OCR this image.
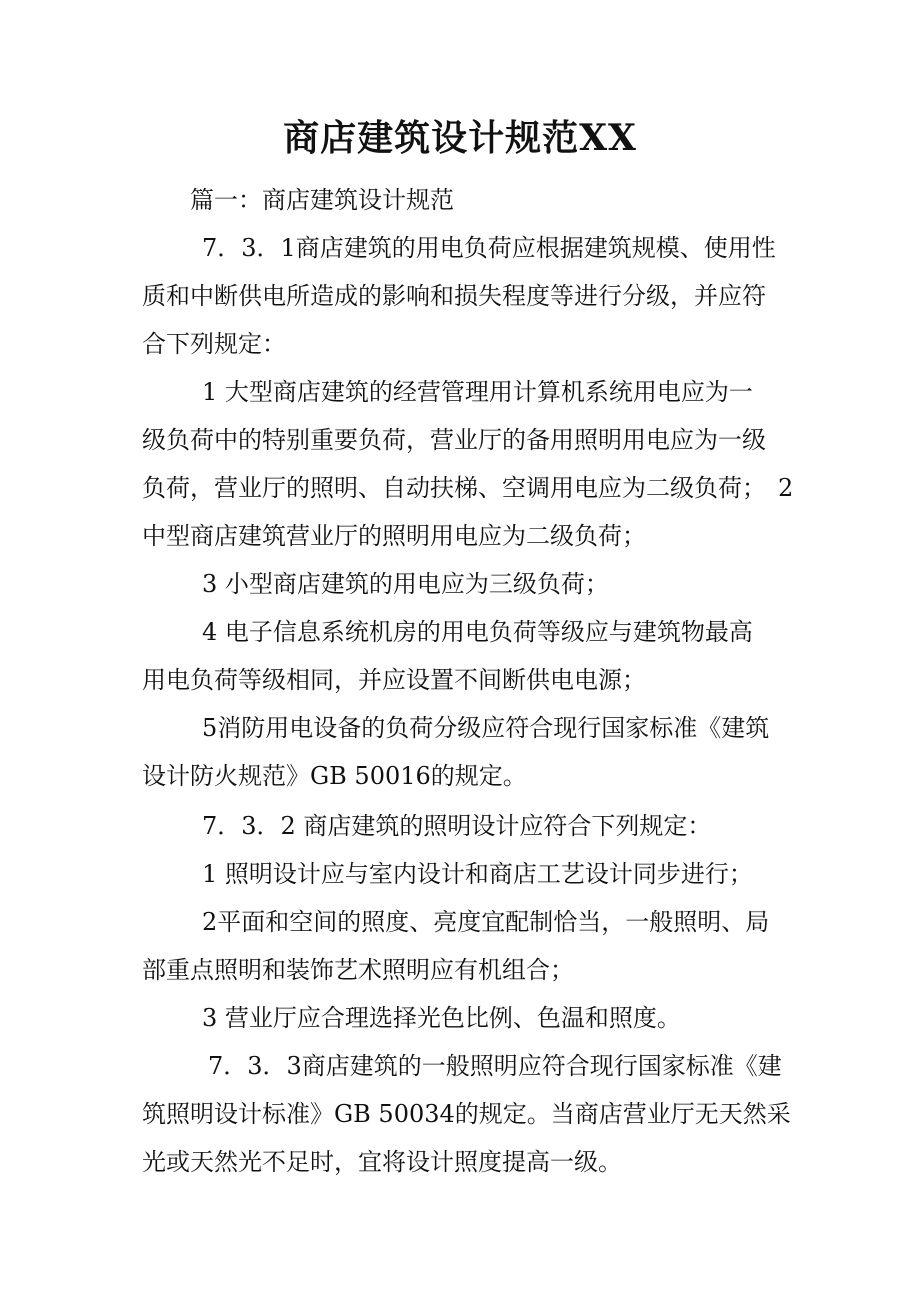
商店建筑设计规范XX
篇一：商店建筑设计规范
7．3．1商店建筑的用电负荷应根据建筑规模、使用性
质和中断供电所造成的影响和损失程度等进行分级，并应符
合下列规定：
1 大型商店建筑的经营管理用计算机系统用电应为一
级负荷中的特别重要负荷，营业厅的备用照明用电应为一级
负荷，营业厅的照明、自动扶梯、空调用电应为二级负荷；　2
中型商店建筑营业厅的照明用电应为二级负荷；
3 小型商店建筑的用电应为三级负荷；
4 电子信息系统机房的用电负荷等级应与建筑物最高
用电负荷等级相同，并应设置不间断供电电源；
5消防用电设备的负荷分级应符合现行国家标准《建筑
设计防火规范》GB 50016的规定。
7．3．2 商店建筑的照明设计应符合下列规定：
1 照明设计应与室内设计和商店工艺设计同步进行；
2平面和空间的照度、亮度宜配制恰当，一般照明、局
部重点照明和装饰艺术照明应有机组合；
3 营业厅应合理选择光色比例、色温和照度。
7．3．3商店建筑的一般照明应符合现行国家标准《建
筑照明设计标准》GB 50034的规定。当商店营业厅无天然采
光或天然光不足时，宜将设计照度提高一级。
